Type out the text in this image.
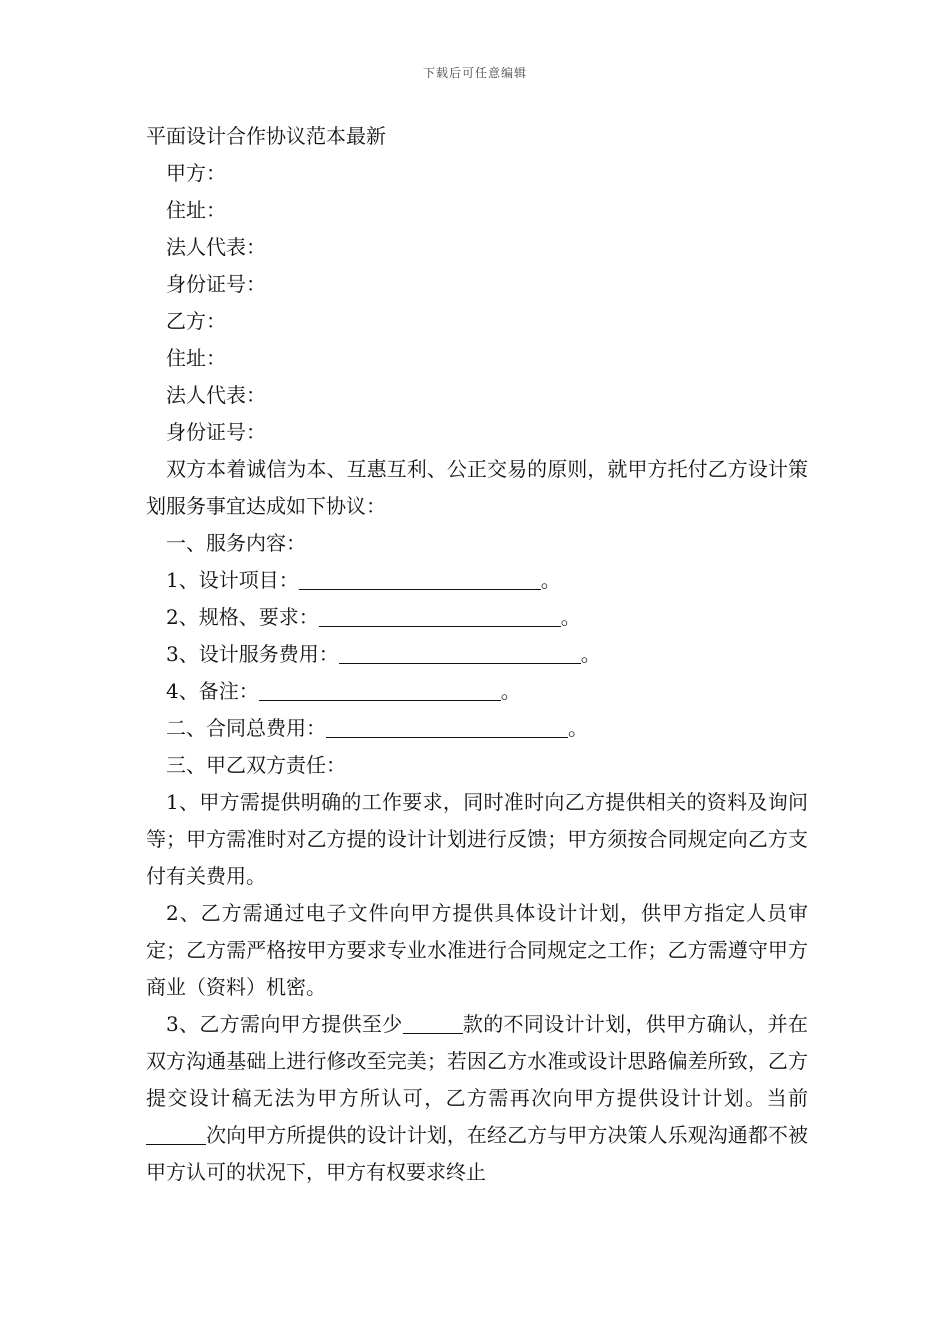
下载后可任意编辑

平面设计合作协议范本最新

甲方：

住址：

法人代表：

身份证号：

乙方：

住址：

法人代表：

身份证号：

双方本着诚信为本、互惠互利、公正交易的原则，就甲方托付乙方设计策划服务事宜达成如下协议：

一、服务内容：

1、设计项目：	。

2、规格、要求：	。

3、设计服务费用：	。

4、备注：	。

二、合同总费用：	。

三、甲乙双方责任：

1、甲方需提供明确的工作要求，同时准时向乙方提供相关的资料及询问等；甲方需准时对乙方提的设计计划进行反馈；甲方须按合同规定向乙方支付有关费用。

2、乙方需通过电子文件向甲方提供具体设计计划，供甲方指定人员审定；乙方需严格按甲方要求专业水准进行合同规定之工作；乙方需遵守甲方商业（资料）机密。

3、乙方需向甲方提供至少	款的不同设计计划，供甲方确认，并在双方沟通基础上进行修改至完美；若因乙方水准或设计思路偏差所致，乙方提交设计稿无法为甲方所认可，乙方需再次向甲方提供设计计划。当前次向甲方所提供的设计计划，在经乙方与甲方决策人乐观沟通都不被甲方认可的状况下，甲方有权要求终止
